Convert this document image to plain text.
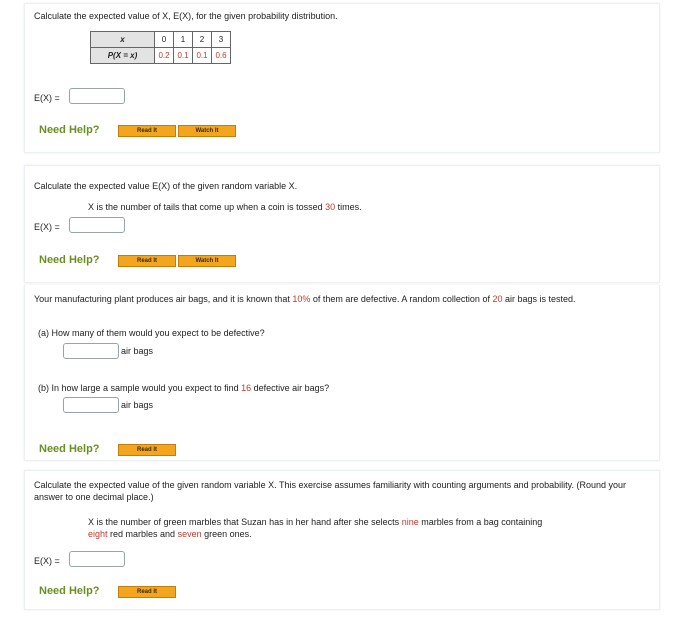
Calculate the expected value of X, E(X), for the given probability distribution.
x	0	1	2	3
P(X = x)	0.2	0.1	0.1	0.6
E(X) =
Need Help?	Read It	Watch It
Calculate the expected value E(X) of the given random variable X.
X is the number of tails that come up when a coin is tossed 30 times.
E(X) =
Need Help?	Read It	Watch It
Your manufacturing plant produces air bags, and it is known that 10% of them are defective. A random collection of 20 air bags is tested.
(a) How many of them would you expect to be defective?
air bags
(b) In how large a sample would you expect to find 16 defective air bags?
air bags
Need Help?	Read It
Calculate the expected value of the given random variable X. This exercise assumes familiarity with counting arguments and probability. (Round your answer to one decimal place.)
X is the number of green marbles that Suzan has in her hand after she selects nine marbles from a bag containing
eight red marbles and seven green ones.
E(X) =
Need Help?	Read It
